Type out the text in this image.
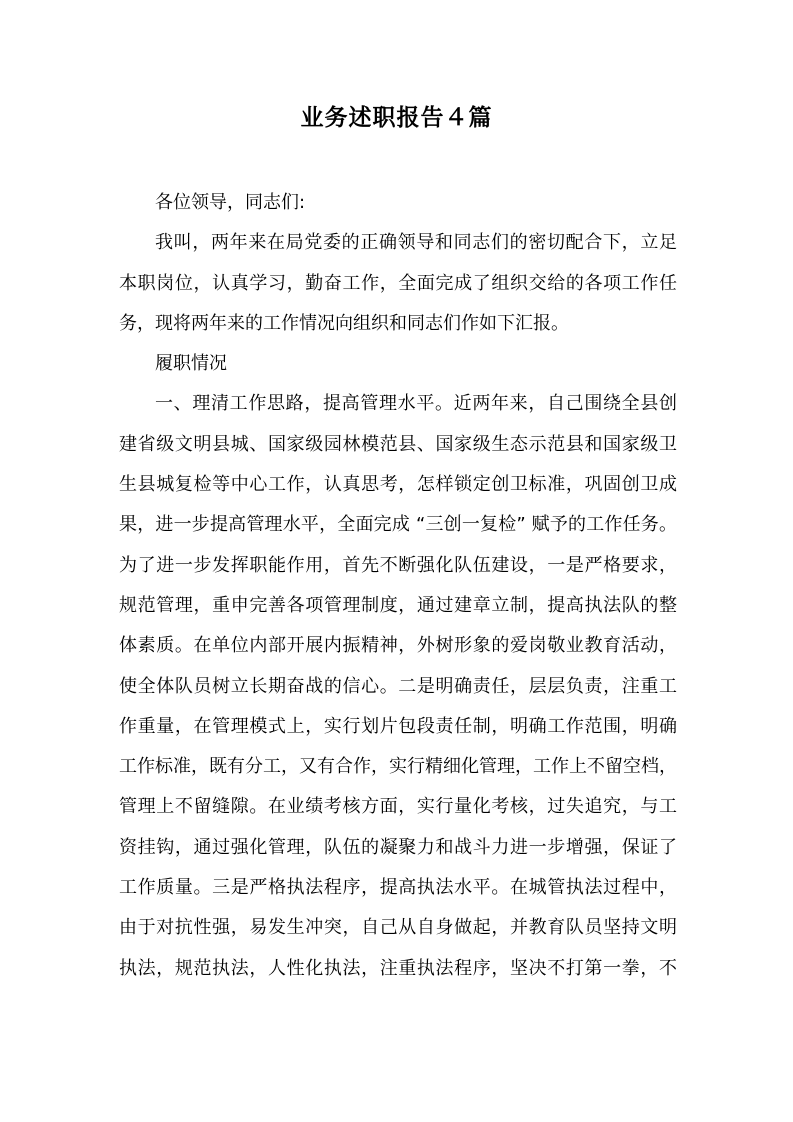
业务述职报告４篇

各位领导，同志们:

我叫，两年来在局党委的正确领导和同志们的密切配合下，立足
本职岗位，认真学习，勤奋工作，全面完成了组织交给的各项工作任
务，现将两年来的工作情况向组织和同志们作如下汇报。

履职情况

一、理清工作思路，提高管理水平。近两年来，自己围绕全县创
建省级文明县城、国家级园林模范县、国家级生态示范县和国家级卫
生县城复检等中心工作，认真思考，怎样锁定创卫标准，巩固创卫成
果，进一步提高管理水平，全面完成 “三创一复检” 赋予的工作任务。
为了进一步发挥职能作用，首先不断强化队伍建设，一是严格要求，
规范管理，重申完善各项管理制度，通过建章立制，提高执法队的整
体素质。在单位内部开展内振精神，外树形象的爱岗敬业教育活动，
使全体队员树立长期奋战的信心。二是明确责任，层层负责，注重工
作重量，在管理模式上，实行划片包段责任制，明确工作范围，明确
工作标准，既有分工，又有合作，实行精细化管理，工作上不留空档，
管理上不留缝隙。在业绩考核方面，实行量化考核，过失追究，与工
资挂钩，通过强化管理，队伍的凝聚力和战斗力进一步增强，保证了
工作质量。三是严格执法程序，提高执法水平。在城管执法过程中，
由于对抗性强，易发生冲突，自己从自身做起，并教育队员坚持文明
执法，规范执法，人性化执法，注重执法程序，坚决不打第一拳，不
